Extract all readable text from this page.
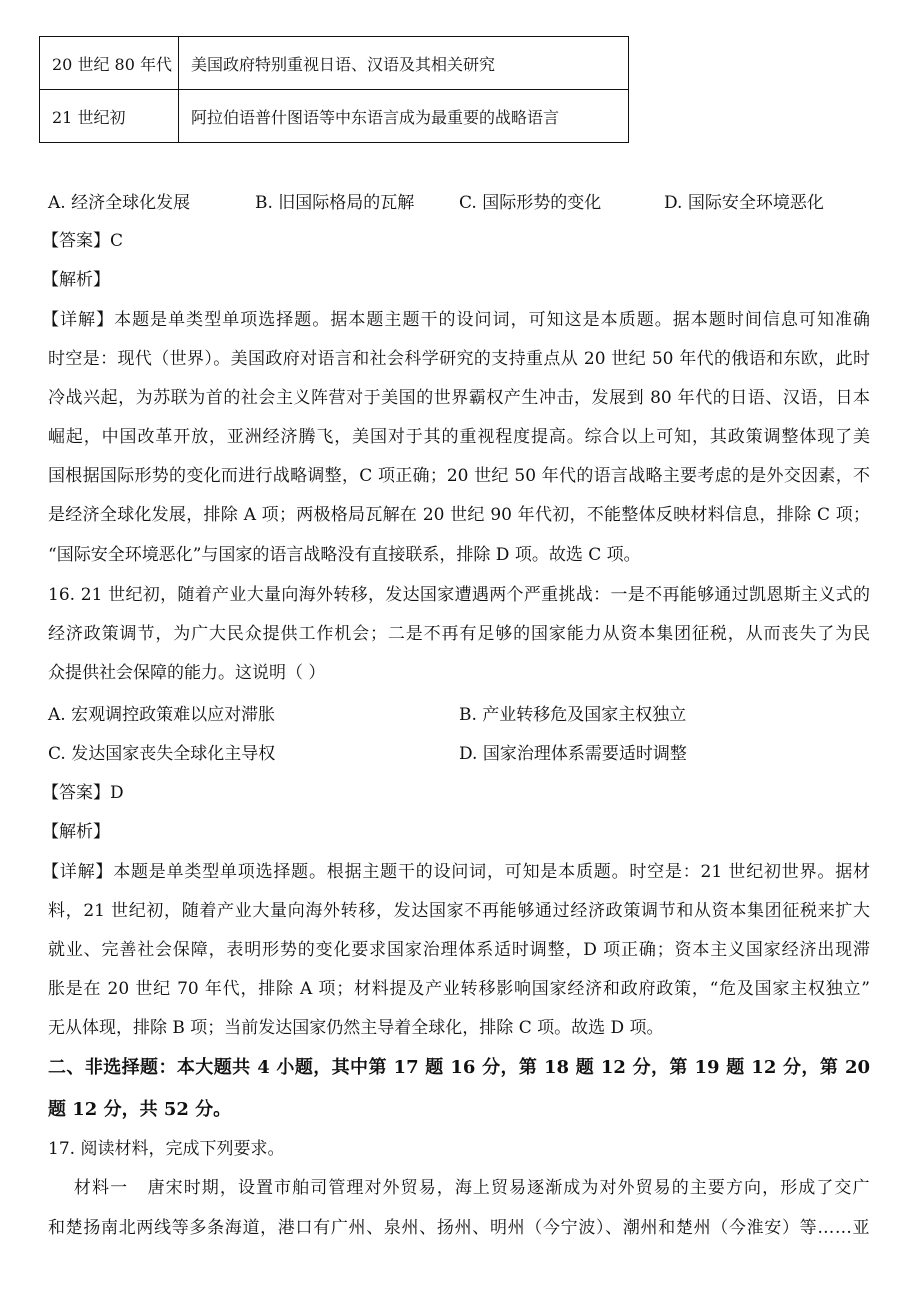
20 世纪 80 年代	美国政府特别重视日语、汉语及其相关研究
21 世纪初	阿拉伯语普什图语等中东语言成为最重要的战略语言
A. 经济全球化发展	B. 旧国际格局的瓦解	C. 国际形势的变化	D. 国际安全环境恶化
【答案】C
【解析】
【详解】本题是单类型单项选择题。据本题主题干的设问词，可知这是本质题。据本题时间信息可知准确
时空是：现代（世界）。美国政府对语言和社会科学研究的支持重点从 20 世纪 50 年代的俄语和东欧，此时
冷战兴起，为苏联为首的社会主义阵营对于美国的世界霸权产生冲击，发展到 80 年代的日语、汉语，日本
崛起，中国改革开放，亚洲经济腾飞，美国对于其的重视程度提高。综合以上可知，其政策调整体现了美
国根据国际形势的变化而进行战略调整，C 项正确；20 世纪 50 年代的语言战略主要考虑的是外交因素，不
是经济全球化发展，排除 A 项；两极格局瓦解在 20 世纪 90 年代初，不能整体反映材料信息，排除 C 项；
“国际安全环境恶化”与国家的语言战略没有直接联系，排除 D 项。故选 C 项。
16. 21 世纪初，随着产业大量向海外转移，发达国家遭遇两个严重挑战：一是不再能够通过凯恩斯主义式的
经济政策调节，为广大民众提供工作机会；二是不再有足够的国家能力从资本集团征税，从而丧失了为民
众提供社会保障的能力。这说明（ ）
A. 宏观调控政策难以应对滞胀	B. 产业转移危及国家主权独立
C. 发达国家丧失全球化主导权	D. 国家治理体系需要适时调整
【答案】D
【解析】
【详解】本题是单类型单项选择题。根据主题干的设问词，可知是本质题。时空是：21 世纪初世界。据材
料，21 世纪初，随着产业大量向海外转移，发达国家不再能够通过经济政策调节和从资本集团征税来扩大
就业、完善社会保障，表明形势的变化要求国家治理体系适时调整，D 项正确；资本主义国家经济出现滞
胀是在 20 世纪 70 年代，排除 A 项；材料提及产业转移影响国家经济和政府政策，“危及国家主权独立”
无从体现，排除 B 项；当前发达国家仍然主导着全球化，排除 C 项。故选 D 项。
二、非选择题：本大题共 4 小题，其中第 17 题 16 分，第 18 题 12 分，第 19 题 12 分，第 20
题 12 分，共 52 分。
17. 阅读材料，完成下列要求。
材料一   唐宋时期，设置市舶司管理对外贸易，海上贸易逐渐成为对外贸易的主要方向，形成了交广
和楚扬南北两线等多条海道，港口有广州、泉州、扬州、明州（今宁波）、潮州和楚州（今淮安）等……亚
